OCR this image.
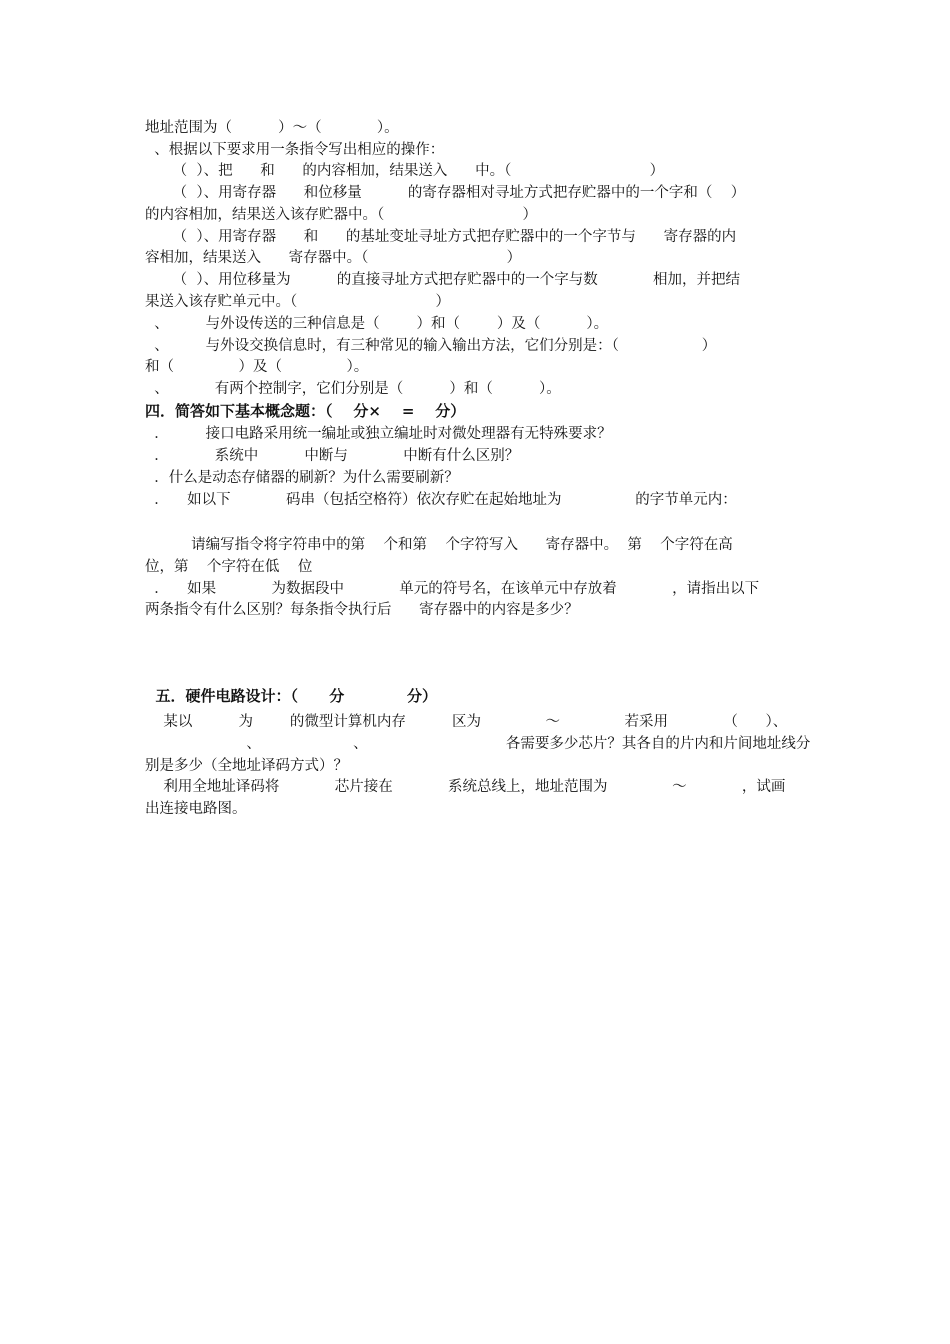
地址范围为（          ）～（            ）。
、根据以下要求用一条指令写出相应的操作：
（  ）、把      和      的内容相加，结果送入      中。（                              ）
（  ）、用寄存器      和位移量          的寄存器相对寻址方式把存贮器中的一个字和（    ）
的内容相加，结果送入该存贮器中。（                              ）
（  ）、用寄存器      和      的基址变址寻址方式把存贮器中的一个字节与      寄存器的内
容相加，结果送入      寄存器中。（                              ）
（  ）、用位移量为          的直接寻址方式把存贮器中的一个字与数            相加，并把结
果送入该存贮单元中。（                              ）
、        与外设传送的三种信息是（        ）和（        ）及（          ）。
、        与外设交换信息时，有三种常见的输入输出方法，它们分别是：（                  ）
和（              ）及（              ）。
、          有两个控制字，它们分别是（          ）和（          ）。
四．简答如下基本概念题：（    分×    =    分）
．        接口电路采用统一编址或独立编址时对微处理器有无特殊要求？
．          系统中          中断与            中断有什么区别？
．什么是动态存储器的刷新？为什么需要刷新？
．    如以下            码串（包括空格符）依次存贮在起始地址为                的字节单元内：
请编写指令将字符串中的第    个和第    个字符写入      寄存器中。  第    个字符在高
位，第    个字符在低    位
．    如果            为数据段中            单元的符号名，在该单元中存放着            ，请指出以下
两条指令有什么区别？每条指令执行后      寄存器中的内容是多少？
五．硬件电路设计：（      分            分）
某以          为        的微型计算机内存          区为              ～              若采用            （      ）、
、                    、                              各需要多少芯片？其各自的片内和片间地址线分
别是多少（全地址译码方式）？
利用全地址译码将            芯片接在            系统总线上，地址范围为              ～            ，试画
出连接电路图。
